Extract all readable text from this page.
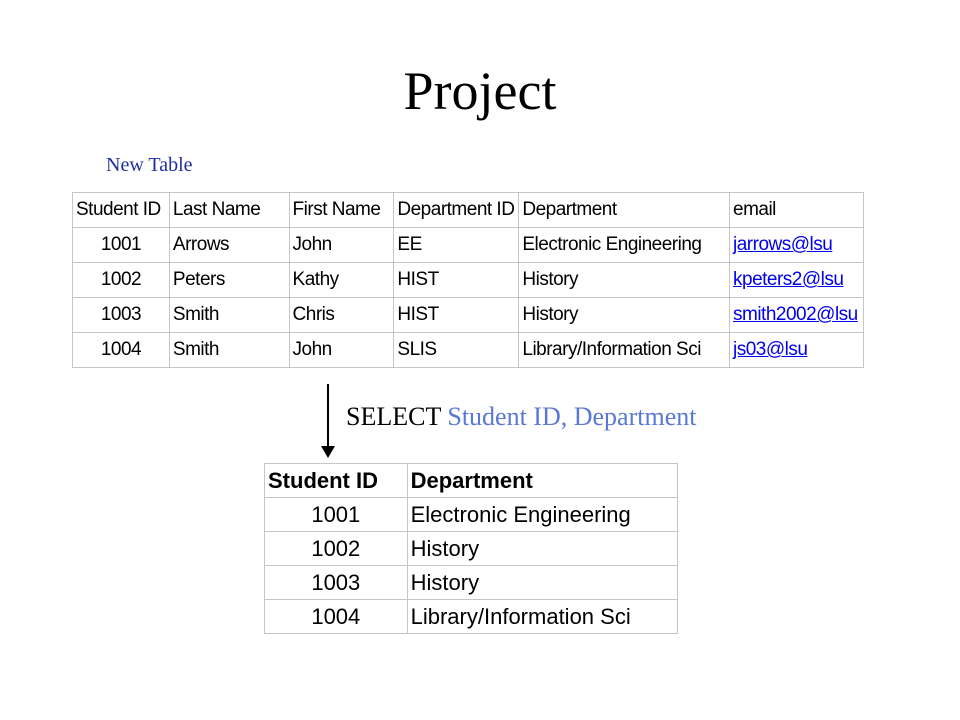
Project
New Table
Student ID	Last Name	First Name	Department ID	Department	email
1001	Arrows	John	EE	Electronic Engineering	jarrows@lsu
1002	Peters	Kathy	HIST	History	kpeters2@lsu
1003	Smith	Chris	HIST	History	smith2002@lsu
1004	Smith	John	SLIS	Library/Information Sci	js03@lsu
SELECT Student ID, Department
Student ID	Department
1001	Electronic Engineering
1002	History
1003	History
1004	Library/Information Sci
